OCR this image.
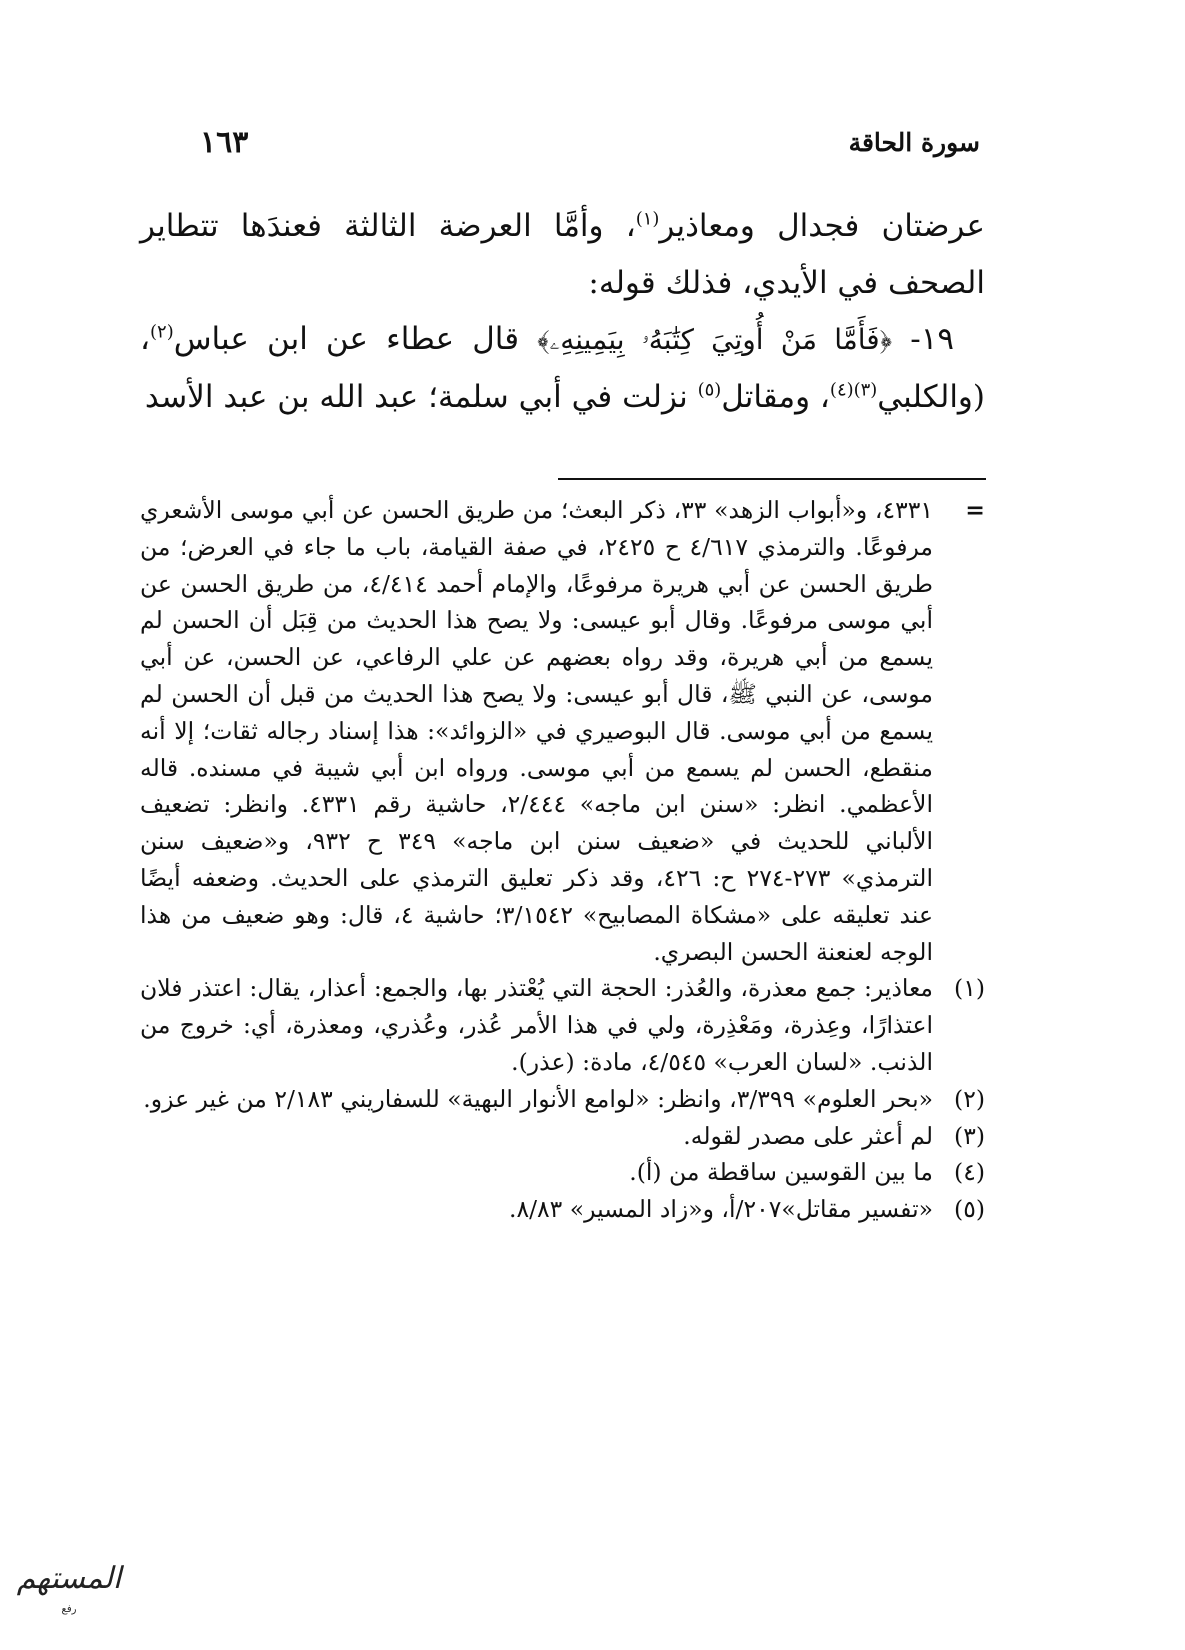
سورة الحاقة
١٦٣

عرضتان فجدال ومعاذير$^{(١)}$، وأمَّا العرضة الثالثة فعندَها تتطاير الصحف في الأيدي، فذلك قوله:

 ١٩- ﴿فَأَمَّا مَنْ أُوتِيَ كِتَٰبَهُۥ بِيَمِينِهِۦ﴾ قال عطاء عن ابن عباس$^{(٢)}$، (والكلبي$^{(٣)(٤)}$، ومقاتل$^{(٥)}$ نزلت في أبي سلمة؛ عبد الله بن عبد الأسد

=
٤٣٣١، و«أبواب الزهد» ٣٣، ذكر البعث؛ من طريق الحسن عن أبي موسى الأشعري مرفوعًا. والترمذي ٤/٦١٧ ح ٢٤٢٥، في صفة القيامة، باب ما جاء في العرض؛ من طريق الحسن عن أبي هريرة مرفوعًا، والإمام أحمد ٤/٤١٤، من طريق الحسن عن أبي موسى مرفوعًا. وقال أبو عيسى: ولا يصح هذا الحديث من قِبَل أن الحسن لم يسمع من أبي هريرة، وقد رواه بعضهم عن علي الرفاعي، عن الحسن، عن أبي موسى، عن النبي ﷺ، قال أبو عيسى: ولا يصح هذا الحديث من قبل أن الحسن لم يسمع من أبي موسى. قال البوصيري في «الزوائد»: هذا إسناد رجاله ثقات؛ إلا أنه منقطع، الحسن لم يسمع من أبي موسى. ورواه ابن أبي شيبة في مسنده. قاله الأعظمي. انظر: «سنن ابن ماجه» ٢/٤٤٤، حاشية رقم ٤٣٣١. وانظر: تضعيف الألباني للحديث في «ضعيف سنن ابن ماجه» ٣٤٩ ح ٩٣٢، و«ضعيف سنن الترمذي» ٢٧٣-٢٧٤ ح: ٤٢٦، وقد ذكر تعليق الترمذي على الحديث. وضعفه أيضًا عند تعليقه على «مشكاة المصابيح» ٣/١٥٤٢؛ حاشية ٤، قال: وهو ضعيف من هذا الوجه لعنعنة الحسن البصري.
(١)
معاذير: جمع معذرة، والعُذر: الحجة التي يُعْتذر بها، والجمع: أعذار، يقال: اعتذر فلان اعتذارًا، وعِذرة، ومَعْذِرة، ولي في هذا الأمر عُذر، وعُذري، ومعذرة، أي: خروج من الذنب. «لسان العرب» ٤/٥٤٥، مادة: (عذر).
(٢)
«بحر العلوم» ٣/٣٩٩، وانظر: «لوامع الأنوار البهية» للسفاريني ٢/١٨٣ من غير عزو.
(٣)
لم أعثر على مصدر لقوله.
(٤)
ما بين القوسين ساقطة من (أ).
(٥)
«تفسير مقاتل»٢٠٧/أ، و«زاد المسير» ٨/٨٣.
المستهم
رفع
